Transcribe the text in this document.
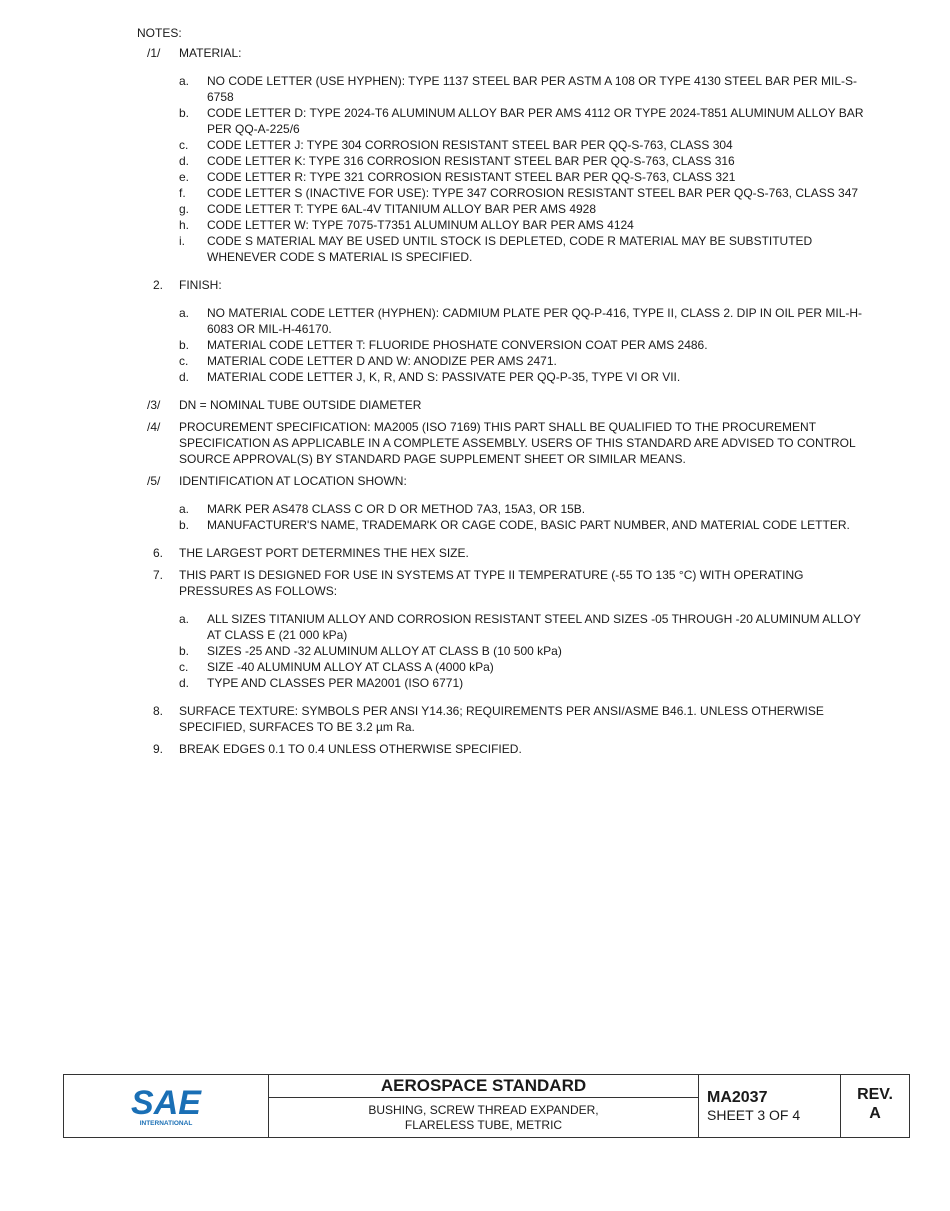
NOTES:
/1/	MATERIAL:
a.	NO CODE LETTER (USE HYPHEN): TYPE 1137 STEEL BAR PER ASTM A 108 OR TYPE 4130 STEEL BAR PER MIL-S-6758
b.	CODE LETTER D: TYPE 2024-T6 ALUMINUM ALLOY BAR PER AMS 4112 OR TYPE 2024-T851 ALUMINUM ALLOY BAR PER QQ-A-225/6
c.	CODE LETTER J: TYPE 304 CORROSION RESISTANT STEEL BAR PER QQ-S-763, CLASS 304
d.	CODE LETTER K: TYPE 316 CORROSION RESISTANT STEEL BAR PER QQ-S-763, CLASS 316
e.	CODE LETTER R: TYPE 321 CORROSION RESISTANT STEEL BAR PER QQ-S-763, CLASS 321
f.	CODE LETTER S (INACTIVE FOR USE): TYPE 347 CORROSION RESISTANT STEEL BAR PER QQ-S-763, CLASS 347
g.	CODE LETTER T: TYPE 6AL-4V TITANIUM ALLOY BAR PER AMS 4928
h.	CODE LETTER W: TYPE 7075-T7351 ALUMINUM ALLOY BAR PER AMS 4124
i.	CODE S MATERIAL MAY BE USED UNTIL STOCK IS DEPLETED, CODE R MATERIAL MAY BE SUBSTITUTED WHENEVER CODE S MATERIAL IS SPECIFIED.
2.	FINISH:
a.	NO MATERIAL CODE LETTER (HYPHEN): CADMIUM PLATE PER QQ-P-416, TYPE II, CLASS 2. DIP IN OIL PER MIL-H-6083 OR MIL-H-46170.
b.	MATERIAL CODE LETTER T: FLUORIDE PHOSHATE CONVERSION COAT PER AMS 2486.
c.	MATERIAL CODE LETTER D AND W: ANODIZE PER AMS 2471.
d.	MATERIAL CODE LETTER J, K, R, AND S: PASSIVATE PER QQ-P-35, TYPE VI OR VII.
/3/	DN = NOMINAL TUBE OUTSIDE DIAMETER
/4/	PROCUREMENT SPECIFICATION: MA2005 (ISO 7169) THIS PART SHALL BE QUALIFIED TO THE PROCUREMENT SPECIFICATION AS APPLICABLE IN A COMPLETE ASSEMBLY. USERS OF THIS STANDARD ARE ADVISED TO CONTROL SOURCE APPROVAL(S) BY STANDARD PAGE SUPPLEMENT SHEET OR SIMILAR MEANS.
/5/	IDENTIFICATION AT LOCATION SHOWN:
a.	MARK PER AS478 CLASS C OR D OR METHOD 7A3, 15A3, OR 15B.
b.	MANUFACTURER'S NAME, TRADEMARK OR CAGE CODE, BASIC PART NUMBER, AND MATERIAL CODE LETTER.
6.	THE LARGEST PORT DETERMINES THE HEX SIZE.
7.	THIS PART IS DESIGNED FOR USE IN SYSTEMS AT TYPE II TEMPERATURE (-55 TO 135 °C) WITH OPERATING PRESSURES AS FOLLOWS:
a.	ALL SIZES TITANIUM ALLOY AND CORROSION RESISTANT STEEL AND SIZES -05 THROUGH -20 ALUMINUM ALLOY AT CLASS E (21 000 kPa)
b.	SIZES -25 AND -32 ALUMINUM ALLOY AT CLASS B (10 500 kPa)
c.	SIZE -40 ALUMINUM ALLOY AT CLASS A (4000 kPa)
d.	TYPE AND CLASSES PER MA2001 (ISO 6771)
8.	SURFACE TEXTURE: SYMBOLS PER ANSI Y14.36; REQUIREMENTS PER ANSI/ASME B46.1. UNLESS OTHERWISE SPECIFIED, SURFACES TO BE 3.2 µm Ra.
9.	BREAK EDGES 0.1 TO 0.4 UNLESS OTHERWISE SPECIFIED.
SAE
INTERNATIONAL
AEROSPACE STANDARD
BUSHING, SCREW THREAD EXPANDER,
FLARELESS TUBE, METRIC
MA2037
SHEET 3 OF 4
REV.
A
